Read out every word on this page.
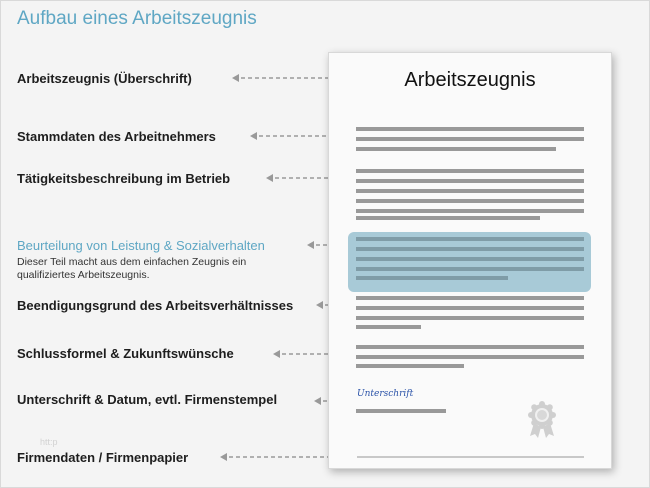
Aufbau eines Arbeitszeugnis
Arbeitszeugnis (Überschrift)
Stammdaten des Arbeitnehmers
Tätigkeitsbeschreibung im Betrieb
Beurteilung von Leistung & Sozialverhalten
Dieser Teil macht aus dem einfachen Zeugnis ein qualifiziertes Arbeitszeugnis.
Beendigungsgrund des Arbeitsverhältnisses
Schlussformel & Zukunftswünsche
Unterschrift & Datum, evtl. Firmenstempel
Firmendaten / Firmenpapier
htt:p
Arbeitszeugnis
Unterschrift
